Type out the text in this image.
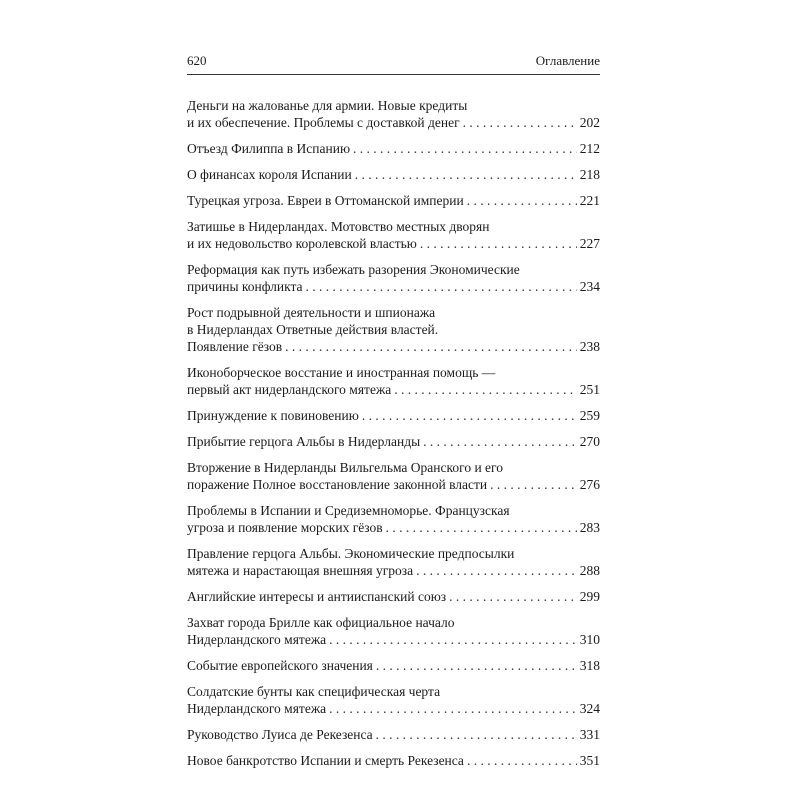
620	Оглавление
Деньги на жалованье для армии. Новые кредиты
и их обеспечение. Проблемы с доставкой денег . . .	202
Отъезд Филиппа в Испанию . . .	212
О финансах короля Испании . . .	218
Турецкая угроза. Евреи в Оттоманской империи . . .	221
Затишье в Нидерландах. Мотовство местных дворян
и их недовольство королевской властью . . .	227
Реформация как путь избежать разорения Экономические
причины конфликта . . .	234
Рост подрывной деятельности и шпионажа
в Нидерландах Ответные действия властей.
Появление гёзов . . .	238
Иконоборческое восстание и иностранная помощь —
первый акт нидерландского мятежа . . .	251
Принуждение к повиновению . . .	259
Прибытие герцога Альбы в Нидерланды . . .	270
Вторжение в Нидерланды Вильгельма Оранского и его
поражение Полное восстановление законной власти . . .	276
Проблемы в Испании и Средиземноморье. Французская
угроза и появление морских гёзов . . .	283
Правление герцога Альбы. Экономические предпосылки
мятежа и нарастающая внешняя угроза . . .	288
Английские интересы и антииспанский союз . . .	299
Захват города Брилле как официальное начало
Нидерландского мятежа . . .	310
Событие европейского значения . . .	318
Солдатские бунты как специфическая черта
Нидерландского мятежа . . .	324
Руководство Луиса де Рекезенса . . .	331
Новое банкротство Испании и смерть Рекезенса . . .	351
